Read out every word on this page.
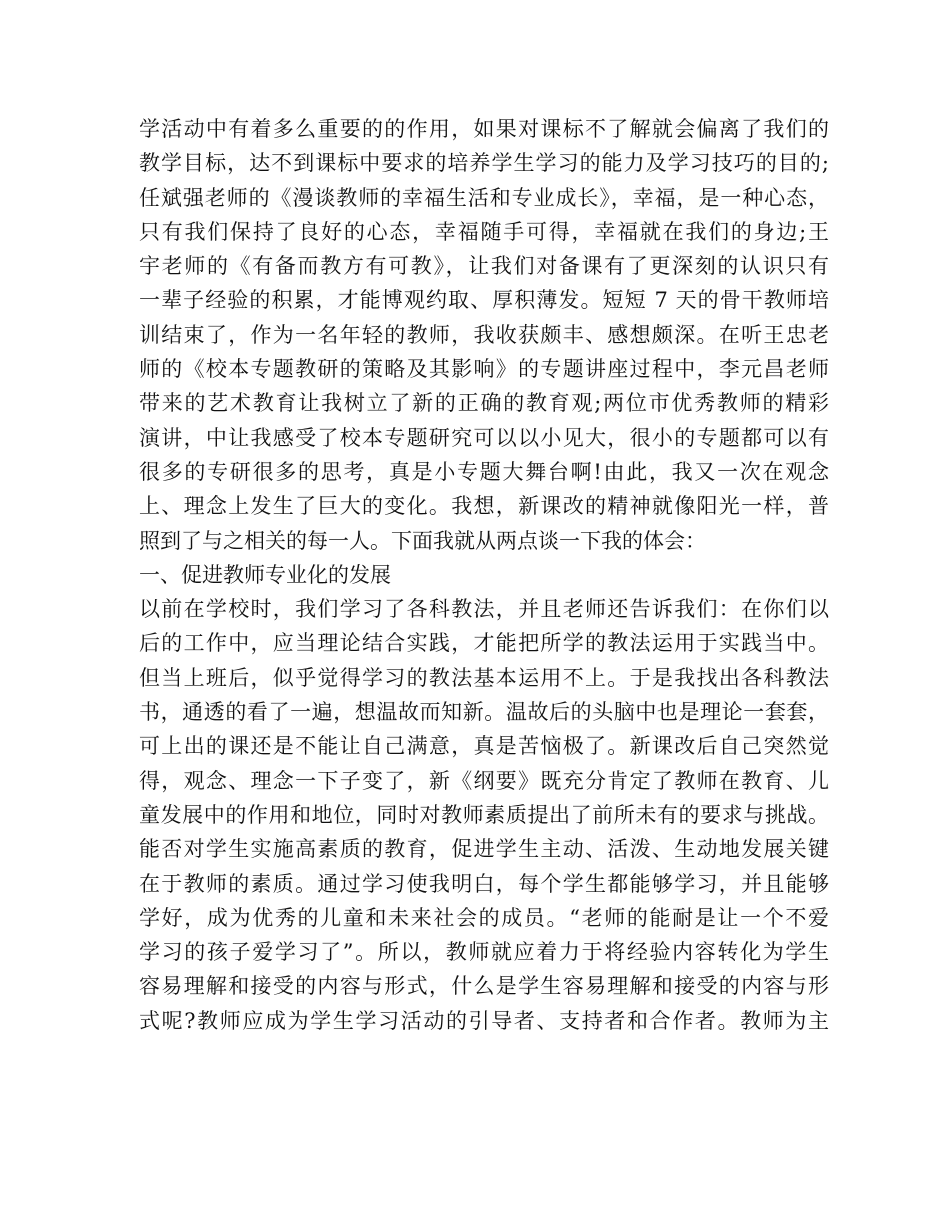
学活动中有着多么重要的的作用，如果对课标不了解就会偏离了我们的
教学目标，达不到课标中要求的培养学生学习的能力及学习技巧的目的;
任斌强老师的《漫谈教师的幸福生活和专业成长》，幸福，是一种心态，
只有我们保持了良好的心态，幸福随手可得，幸福就在我们的身边;王
宇老师的《有备而教方有可教》，让我们对备课有了更深刻的认识只有
一辈子经验的积累，才能博观约取、厚积薄发。短短 7 天的骨干教师培
训结束了，作为一名年轻的教师，我收获颇丰、感想颇深。在听王忠老
师的《校本专题教研的策略及其影响》的专题讲座过程中，李元昌老师
带来的艺术教育让我树立了新的正确的教育观;两位市优秀教师的精彩
演讲，中让我感受了校本专题研究可以以小见大，很小的专题都可以有
很多的专研很多的思考，真是小专题大舞台啊!由此，我又一次在观念
上、理念上发生了巨大的变化。我想，新课改的精神就像阳光一样，普
照到了与之相关的每一人。下面我就从两点谈一下我的体会：
一、促进教师专业化的发展
以前在学校时，我们学习了各科教法，并且老师还告诉我们：在你们以
后的工作中，应当理论结合实践，才能把所学的教法运用于实践当中。
但当上班后，似乎觉得学习的教法基本运用不上。于是我找出各科教法
书，通透的看了一遍，想温故而知新。温故后的头脑中也是理论一套套，
可上出的课还是不能让自己满意，真是苦恼极了。新课改后自己突然觉
得，观念、理念一下子变了，新《纲要》既充分肯定了教师在教育、儿
童发展中的作用和地位，同时对教师素质提出了前所未有的要求与挑战。
能否对学生实施高素质的教育，促进学生主动、活泼、生动地发展关键
在于教师的素质。通过学习使我明白，每个学生都能够学习，并且能够
学好，成为优秀的儿童和未来社会的成员。“老师的能耐是让一个不爱
学习的孩子爱学习了”。所以，教师就应着力于将经验内容转化为学生
容易理解和接受的内容与形式，什么是学生容易理解和接受的内容与形
式呢?教师应成为学生学习活动的引导者、支持者和合作者。教师为主
